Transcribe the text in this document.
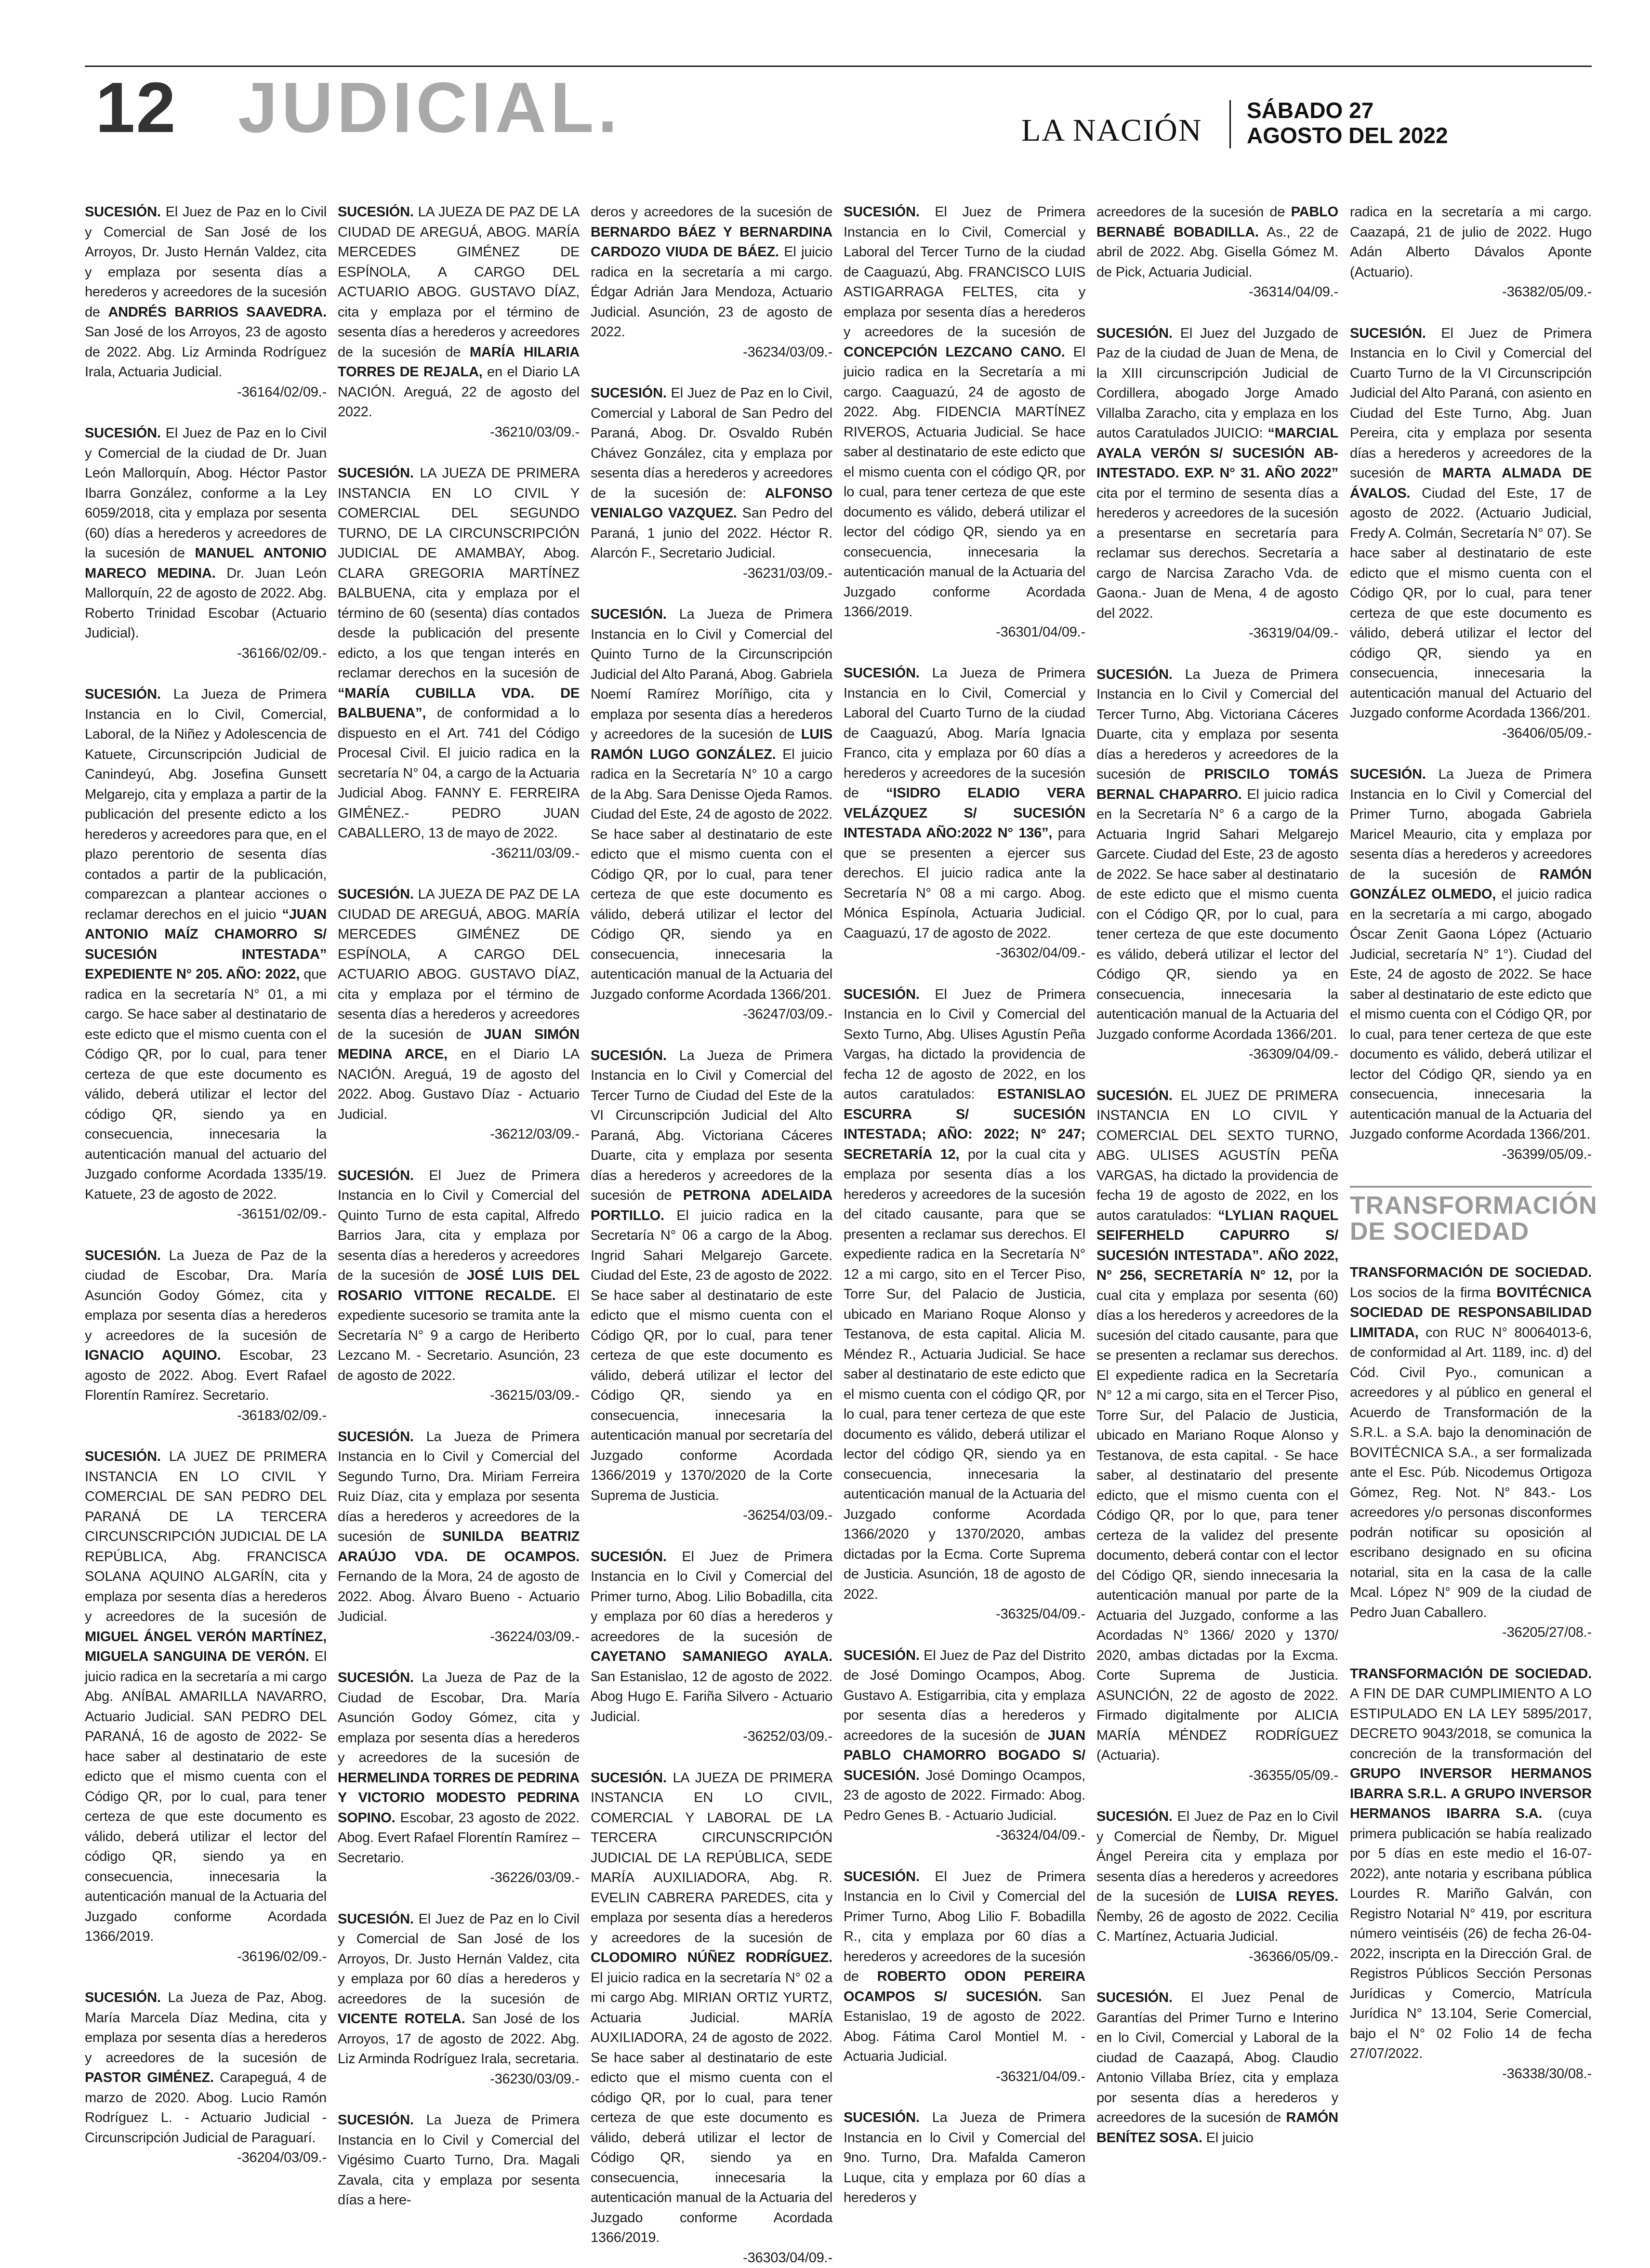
12 JUDICIAL.	LA NACIÓN
SÁBADO 27
AGOSTO DEL 2022

SUCESIÓN. El Juez de Paz en lo Civil y Comercial de San José de los Arroyos, Dr. Justo Hernán Valdez, cita y emplaza por sesenta días a herederos y acreedores de la sucesión de ANDRÉS BARRIOS SAAVEDRA. San José de los Arroyos, 23 de agosto de 2022. Abg. Liz Arminda Rodríguez Irala, Actuaria Judicial.
-36164/02/09.-

SUCESIÓN. El Juez de Paz en lo Civil y Comercial de la ciudad de Dr. Juan León Mallorquín, Abog. Héctor Pastor Ibarra González, conforme a la Ley 6059/2018, cita y emplaza por sesenta (60) días a herederos y acreedores de la sucesión de MANUEL ANTONIO MARECO MEDINA. Dr. Juan León Mallorquín, 22 de agosto de 2022. Abg. Roberto Trinidad Escobar (Actuario Judicial).
-36166/02/09.-

SUCESIÓN. La Jueza de Primera Instancia en lo Civil, Comercial, Laboral, de la Niñez y Adolescencia de Katuete, Circunscripción Judicial de Canindeyú, Abg. Josefina Gunsett Melgarejo, cita y emplaza a partir de la publicación del presente edicto a los herederos y acreedores para que, en el plazo perentorio de sesenta días contados a partir de la publicación, comparezcan a plantear acciones o reclamar derechos en el juicio “JUAN ANTONIO MAÍZ CHAMORRO S/ SUCESIÓN INTESTADA” EXPEDIENTE N° 205. AÑO: 2022, que radica en la secretaría N° 01, a mi cargo. Se hace saber al destinatario de este edicto que el mismo cuenta con el Código QR, por lo cual, para tener certeza de que este documento es válido, deberá utilizar el lector del código QR, siendo ya en consecuencia, innecesaria la autenticación manual del actuario del Juzgado conforme Acordada 1335/19. Katuete, 23 de agosto de 2022.
-36151/02/09.-

SUCESIÓN. La Jueza de Paz de la ciudad de Escobar, Dra. María Asunción Godoy Gómez, cita y emplaza por sesenta días a herederos y acreedores de la sucesión de IGNACIO AQUINO. Escobar, 23 agosto de 2022. Abog. Evert Rafael Florentín Ramírez. Secretario.
-36183/02/09.-

SUCESIÓN. LA JUEZ DE PRIMERA INSTANCIA EN LO CIVIL Y COMERCIAL DE SAN PEDRO DEL PARANÁ DE LA TERCERA CIRCUNSCRIPCIÓN JUDICIAL DE LA REPÚBLICA, Abg. FRANCISCA SOLANA AQUINO ALGARÍN, cita y emplaza por sesenta días a herederos y acreedores de la sucesión de MIGUEL ÁNGEL VERÓN MARTÍNEZ, MIGUELA SANGUINA DE VERÓN. El juicio radica en la secretaría a mi cargo Abg. ANÍBAL AMARILLA NAVARRO, Actuario Judicial. SAN PEDRO DEL PARANÁ, 16 de agosto de 2022- Se hace saber al destinatario de este edicto que el mismo cuenta con el Código QR, por lo cual, para tener certeza de que este documento es válido, deberá utilizar el lector del código QR, siendo ya en consecuencia, innecesaria la autenticación manual de la Actuaria del Juzgado conforme Acordada 1366/2019.
-36196/02/09.-

SUCESIÓN. La Jueza de Paz, Abog. María Marcela Díaz Medina, cita y emplaza por sesenta días a herederos y acreedores de la sucesión de PASTOR GIMÉNEZ. Carapeguá, 4 de marzo de 2020. Abog. Lucio Ramón Rodríguez L. - Actuario Judicial - Circunscripción Judicial de Paraguarí.
-36204/03/09.-

SUCESIÓN. LA JUEZA DE PAZ DE LA CIUDAD DE AREGUÁ, ABOG. MARÍA MERCEDES GIMÉNEZ DE ESPÍNOLA, A CARGO DEL ACTUARIO ABOG. GUSTAVO DÍAZ, cita y emplaza por el término de sesenta días a herederos y acreedores de la sucesión de MARÍA HILARIA TORRES DE REJALA, en el Diario LA NACIÓN. Areguá, 22 de agosto del 2022.
-36210/03/09.-

SUCESIÓN. LA JUEZA DE PRIMERA INSTANCIA EN LO CIVIL Y COMERCIAL DEL SEGUNDO TURNO, DE LA CIRCUNSCRIPCIÓN JUDICIAL DE AMAMBAY, Abog. CLARA GREGORIA MARTÍNEZ BALBUENA, cita y emplaza por el término de 60 (sesenta) días contados desde la publicación del presente edicto, a los que tengan interés en reclamar derechos en la sucesión de “MARÍA CUBILLA VDA. DE BALBUENA”, de conformidad a lo dispuesto en el Art. 741 del Código Procesal Civil. El juicio radica en la secretaría N° 04, a cargo de la Actuaria Judicial Abog. FANNY E. FERREIRA GIMÉNEZ.- PEDRO JUAN CABALLERO, 13 de mayo de 2022.
-36211/03/09.-

SUCESIÓN. LA JUEZA DE PAZ DE LA CIUDAD DE AREGUÁ, ABOG. MARÍA MERCEDES GIMÉNEZ DE ESPÍNOLA, A CARGO DEL ACTUARIO ABOG. GUSTAVO DÍAZ, cita y emplaza por el término de sesenta días a herederos y acreedores de la sucesión de JUAN SIMÓN MEDINA ARCE, en el Diario LA NACIÓN. Areguá, 19 de agosto del 2022. Abog. Gustavo Díaz - Actuario Judicial.
-36212/03/09.-

SUCESIÓN. El Juez de Primera Instancia en lo Civil y Comercial del Quinto Turno de esta capital, Alfredo Barrios Jara, cita y emplaza por sesenta días a herederos y acreedores de la sucesión de JOSÉ LUIS DEL ROSARIO VITTONE RECALDE. El expediente sucesorio se tramita ante la Secretaría N° 9 a cargo de Heriberto Lezcano M. - Secretario. Asunción, 23 de agosto de 2022.
-36215/03/09.-

SUCESIÓN. La Jueza de Primera Instancia en lo Civil y Comercial del Segundo Turno, Dra. Miriam Ferreira Ruiz Díaz, cita y emplaza por sesenta días a herederos y acreedores de la sucesión de SUNILDA BEATRIZ ARAÚJO VDA. DE OCAMPOS. Fernando de la Mora, 24 de agosto de 2022. Abog. Álvaro Bueno - Actuario Judicial.
-36224/03/09.-

SUCESIÓN. La Jueza de Paz de la Ciudad de Escobar, Dra. María Asunción Godoy Gómez, cita y emplaza por sesenta días a herederos y acreedores de la sucesión de HERMELINDA TORRES DE PEDRINA Y VICTORIO MODESTO PEDRINA SOPINO. Escobar, 23 agosto de 2022. Abog. Evert Rafael Florentín Ramírez – Secretario.
-36226/03/09.-

SUCESIÓN. El Juez de Paz en lo Civil y Comercial de San José de los Arroyos, Dr. Justo Hernán Valdez, cita y emplaza por 60 días a herederos y acreedores de la sucesión de VICENTE ROTELA. San José de los Arroyos, 17 de agosto de 2022. Abg. Liz Arminda Rodríguez Irala, secretaria.
-36230/03/09.-

SUCESIÓN. La Jueza de Primera Instancia en lo Civil y Comercial del Vigésimo Cuarto Turno, Dra. Magali Zavala, cita y emplaza por sesenta días a here-

deros y acreedores de la sucesión de BERNARDO BÁEZ Y BERNARDINA CARDOZO VIUDA DE BÁEZ. El juicio radica en la secretaría a mi cargo. Édgar Adrián Jara Mendoza, Actuario Judicial. Asunción, 23 de agosto de 2022.
-36234/03/09.-

SUCESIÓN. El Juez de Paz en lo Civil, Comercial y Laboral de San Pedro del Paraná, Abog. Dr. Osvaldo Rubén Chávez González, cita y emplaza por sesenta días a herederos y acreedores de la sucesión de: ALFONSO VENIALGO VAZQUEZ. San Pedro del Paraná, 1 junio del 2022. Héctor R. Alarcón F., Secretario Judicial.
-36231/03/09.-

SUCESIÓN. La Jueza de Primera Instancia en lo Civil y Comercial del Quinto Turno de la Circunscripción Judicial del Alto Paraná, Abog. Gabriela Noemí Ramírez Moríñigo, cita y emplaza por sesenta días a herederos y acreedores de la sucesión de LUIS RAMÓN LUGO GONZÁLEZ. El juicio radica en la Secretaría N° 10 a cargo de la Abg. Sara Denisse Ojeda Ramos. Ciudad del Este, 24 de agosto de 2022. Se hace saber al destinatario de este edicto que el mismo cuenta con el Código QR, por lo cual, para tener certeza de que este documento es válido, deberá utilizar el lector del Código QR, siendo ya en consecuencia, innecesaria la autenticación manual de la Actuaria del Juzgado conforme Acordada 1366/201.
-36247/03/09.-

SUCESIÓN. La Jueza de Primera Instancia en lo Civil y Comercial del Tercer Turno de Ciudad del Este de la VI Circunscripción Judicial del Alto Paraná, Abg. Victoriana Cáceres Duarte, cita y emplaza por sesenta días a herederos y acreedores de la sucesión de PETRONA ADELAIDA PORTILLO. El juicio radica en la Secretaría N° 06 a cargo de la Abog. Ingrid Sahari Melgarejo Garcete. Ciudad del Este, 23 de agosto de 2022. Se hace saber al destinatario de este edicto que el mismo cuenta con el Código QR, por lo cual, para tener certeza de que este documento es válido, deberá utilizar el lector del Código QR, siendo ya en consecuencia, innecesaria la autenticación manual por secretaría del Juzgado conforme Acordada 1366/2019 y 1370/2020 de la Corte Suprema de Justicia.
-36254/03/09.-

SUCESIÓN. El Juez de Primera Instancia en lo Civil y Comercial del Primer turno, Abog. Lilio Bobadilla, cita y emplaza por 60 días a herederos y acreedores de la sucesión de CAYETANO SAMANIEGO AYALA. San Estanislao, 12 de agosto de 2022. Abog Hugo E. Fariña Silvero - Actuario Judicial.
-36252/03/09.-

SUCESIÓN. LA JUEZA DE PRIMERA INSTANCIA EN LO CIVIL, COMERCIAL Y LABORAL DE LA TERCERA CIRCUNSCRIPCIÓN JUDICIAL DE LA REPÚBLICA, SEDE MARÍA AUXILIADORA, Abg. R. EVELIN CABRERA PAREDES, cita y emplaza por sesenta días a herederos y acreedores de la sucesión de CLODOMIRO NÚÑEZ RODRÍGUEZ. El juicio radica en la secretaría N° 02 a mi cargo Abg. MIRIAN ORTIZ YURTZ, Actuaria Judicial. MARÍA AUXILIADORA, 24 de agosto de 2022. Se hace saber al destinatario de este edicto que el mismo cuenta con el código QR, por lo cual, para tener certeza de que este documento es válido, deberá utilizar el lector de Código QR, siendo ya en consecuencia, innecesaria la autenticación manual de la Actuaria del Juzgado conforme Acordada 1366/2019.
-36303/04/09.-

SUCESIÓN. El Juez de Primera Instancia en lo Civil, Comercial y Laboral del Tercer Turno de la ciudad de Caaguazú, Abg. FRANCISCO LUIS ASTIGARRAGA FELTES, cita y emplaza por sesenta días a herederos y acreedores de la sucesión de CONCEPCIÓN LEZCANO CANO. El juicio radica en la Secretaría a mi cargo. Caaguazú, 24 de agosto de 2022. Abg. FIDENCIA MARTÍNEZ RIVEROS, Actuaria Judicial. Se hace saber al destinatario de este edicto que el mismo cuenta con el código QR, por lo cual, para tener certeza de que este documento es válido, deberá utilizar el lector del código QR, siendo ya en consecuencia, innecesaria la autenticación manual de la Actuaria del Juzgado conforme Acordada 1366/2019.
-36301/04/09.-

SUCESIÓN. La Jueza de Primera Instancia en lo Civil, Comercial y Laboral del Cuarto Turno de la ciudad de Caaguazú, Abog. María Ignacia Franco, cita y emplaza por 60 días a herederos y acreedores de la sucesión de “ISIDRO ELADIO VERA VELÁZQUEZ S/ SUCESIÓN INTESTADA AÑO:2022 N° 136”, para que se presenten a ejercer sus derechos. El juicio radica ante la Secretaría N° 08 a mi cargo. Abog. Mónica Espínola, Actuaria Judicial. Caaguazú, 17 de agosto de 2022.
-36302/04/09.-

SUCESIÓN. El Juez de Primera Instancia en lo Civil y Comercial del Sexto Turno, Abg. Ulises Agustín Peña Vargas, ha dictado la providencia de fecha 12 de agosto de 2022, en los autos caratulados: ESTANISLAO ESCURRA S/ SUCESIÓN INTESTADA; AÑO: 2022; N° 247; SECRETARÍA 12, por la cual cita y emplaza por sesenta días a los herederos y acreedores de la sucesión del citado causante, para que se presenten a reclamar sus derechos. El expediente radica en la Secretaría N° 12 a mi cargo, sito en el Tercer Piso, Torre Sur, del Palacio de Justicia, ubicado en Mariano Roque Alonso y Testanova, de esta capital. Alicia M. Méndez R., Actuaria Judicial. Se hace saber al destinatario de este edicto que el mismo cuenta con el código QR, por lo cual, para tener certeza de que este documento es válido, deberá utilizar el lector del código QR, siendo ya en consecuencia, innecesaria la autenticación manual de la Actuaria del Juzgado conforme Acordada 1366/2020 y 1370/2020, ambas dictadas por la Ecma. Corte Suprema de Justicia. Asunción, 18 de agosto de 2022.
-36325/04/09.-

SUCESIÓN. El Juez de Paz del Distrito de José Domingo Ocampos, Abog. Gustavo A. Estigarribia, cita y emplaza por sesenta días a herederos y acreedores de la sucesión de JUAN PABLO CHAMORRO BOGADO S/ SUCESIÓN. José Domingo Ocampos, 23 de agosto de 2022. Firmado: Abog. Pedro Genes B. - Actuario Judicial.
-36324/04/09.-

SUCESIÓN. El Juez de Primera Instancia en lo Civil y Comercial del Primer Turno, Abog Lilio F. Bobadilla R., cita y emplaza por 60 días a herederos y acreedores de la sucesión de ROBERTO ODON PEREIRA OCAMPOS S/ SUCESIÓN. San Estanislao, 19 de agosto de 2022. Abog. Fátima Carol Montiel M. - Actuaria Judicial.
-36321/04/09.-

SUCESIÓN. La Jueza de Primera Instancia en lo Civil y Comercial del 9no. Turno, Dra. Mafalda Cameron Luque, cita y emplaza por 60 días a herederos y

acreedores de la sucesión de PABLO BERNABÉ BOBADILLA. As., 22 de abril de 2022. Abg. Gisella Gómez M. de Pick, Actuaria Judicial.
-36314/04/09.-

SUCESIÓN. El Juez del Juzgado de Paz de la ciudad de Juan de Mena, de la XIII circunscripción Judicial de Cordillera, abogado Jorge Amado Villalba Zaracho, cita y emplaza en los autos Caratulados JUICIO: “MARCIAL AYALA VERÓN S/ SUCESIÓN AB-INTESTADO. EXP. N° 31. AÑO 2022” cita por el termino de sesenta días a herederos y acreedores de la sucesión a presentarse en secretaría para reclamar sus derechos. Secretaría a cargo de Narcisa Zaracho Vda. de Gaona.- Juan de Mena, 4 de agosto del 2022.
-36319/04/09.-

SUCESIÓN. La Jueza de Primera Instancia en lo Civil y Comercial del Tercer Turno, Abg. Victoriana Cáceres Duarte, cita y emplaza por sesenta días a herederos y acreedores de la sucesión de PRISCILO TOMÁS BERNAL CHAPARRO. El juicio radica en la Secretaría N° 6 a cargo de la Actuaria Ingrid Sahari Melgarejo Garcete. Ciudad del Este, 23 de agosto de 2022. Se hace saber al destinatario de este edicto que el mismo cuenta con el Código QR, por lo cual, para tener certeza de que este documento es válido, deberá utilizar el lector del Código QR, siendo ya en consecuencia, innecesaria la autenticación manual de la Actuaria del Juzgado conforme Acordada 1366/201.
-36309/04/09.-

SUCESIÓN. EL JUEZ DE PRIMERA INSTANCIA EN LO CIVIL Y COMERCIAL DEL SEXTO TURNO, ABG. ULISES AGUSTÍN PEÑA VARGAS, ha dictado la providencia de fecha 19 de agosto de 2022, en los autos caratulados: “LYLIAN RAQUEL SEIFERHELD CAPURRO S/ SUCESIÓN INTESTADA”. AÑO 2022, N° 256, SECRETARÍA N° 12, por la cual cita y emplaza por sesenta (60) días a los herederos y acreedores de la sucesión del citado causante, para que se presenten a reclamar sus derechos. El expediente radica en la Secretaría N° 12 a mi cargo, sita en el Tercer Piso, Torre Sur, del Palacio de Justicia, ubicado en Mariano Roque Alonso y Testanova, de esta capital. - Se hace saber, al destinatario del presente edicto, que el mismo cuenta con el Código QR, por lo que, para tener certeza de la validez del presente documento, deberá contar con el lector del Código QR, siendo innecesaria la autenticación manual por parte de la Actuaria del Juzgado, conforme a las Acordadas N° 1366/ 2020 y 1370/ 2020, ambas dictadas por la Excma. Corte Suprema de Justicia. ASUNCIÓN, 22 de agosto de 2022. Firmado digitalmente por ALICIA MARÍA MÉNDEZ RODRÍGUEZ (Actuaria).
-36355/05/09.-

SUCESIÓN. El Juez de Paz en lo Civil y Comercial de Ñemby, Dr. Miguel Ángel Pereira cita y emplaza por sesenta días a herederos y acreedores de la sucesión de LUISA REYES. Ñemby, 26 de agosto de 2022. Cecilia C. Martínez, Actuaria Judicial.
-36366/05/09.-

SUCESIÓN. El Juez Penal de Garantías del Primer Turno e Interino en lo Civil, Comercial y Laboral de la ciudad de Caazapá, Abog. Claudio Antonio Villaba Bríez, cita y emplaza por sesenta días a herederos y acreedores de la sucesión de RAMÓN BENÍTEZ SOSA. El juicio

radica en la secretaría a mi cargo. Caazapá, 21 de julio de 2022. Hugo Adán Alberto Dávalos Aponte (Actuario).
-36382/05/09.-

SUCESIÓN. El Juez de Primera Instancia en lo Civil y Comercial del Cuarto Turno de la VI Circunscripción Judicial del Alto Paraná, con asiento en Ciudad del Este Turno, Abg. Juan Pereira, cita y emplaza por sesenta días a herederos y acreedores de la sucesión de MARTA ALMADA DE ÁVALOS. Ciudad del Este, 17 de agosto de 2022. (Actuario Judicial, Fredy A. Colmán, Secretaría N° 07). Se hace saber al destinatario de este edicto que el mismo cuenta con el Código QR, por lo cual, para tener certeza de que este documento es válido, deberá utilizar el lector del código QR, siendo ya en consecuencia, innecesaria la autenticación manual del Actuario del Juzgado conforme Acordada 1366/201.
-36406/05/09.-

SUCESIÓN. La Jueza de Primera Instancia en lo Civil y Comercial del Primer Turno, abogada Gabriela Maricel Meaurio, cita y emplaza por sesenta días a herederos y acreedores de la sucesión de RAMÓN GONZÁLEZ OLMEDO, el juicio radica en la secretaría a mi cargo, abogado Óscar Zenit Gaona López (Actuario Judicial, secretaría N° 1°). Ciudad del Este, 24 de agosto de 2022. Se hace saber al destinatario de este edicto que el mismo cuenta con el Código QR, por lo cual, para tener certeza de que este documento es válido, deberá utilizar el lector del Código QR, siendo ya en consecuencia, innecesaria la autenticación manual de la Actuaria del Juzgado conforme Acordada 1366/201.
-36399/05/09.-

TRANSFORMACIÓN DE SOCIEDAD

TRANSFORMACIÓN DE SOCIEDAD. Los socios de la firma BOVITÉCNICA SOCIEDAD DE RESPONSABILIDAD LIMITADA, con RUC N° 80064013-6, de conformidad al Art. 1189, inc. d) del Cód. Civil Pyo., comunican a acreedores y al público en general el Acuerdo de Transformación de la S.R.L. a S.A. bajo la denominación de BOVITÉCNICA S.A., a ser formalizada ante el Esc. Púb. Nicodemus Ortigoza Gómez, Reg. Not. N° 843.- Los acreedores y/o personas disconformes podrán notificar su oposición al escribano designado en su oficina notarial, sita en la casa de la calle Mcal. López N° 909 de la ciudad de Pedro Juan Caballero.
-36205/27/08.-

TRANSFORMACIÓN DE SOCIEDAD. A FIN DE DAR CUMPLIMIENTO A LO ESTIPULADO EN LA LEY 5895/2017, DECRETO 9043/2018, se comunica la concreción de la transformación del GRUPO INVERSOR HERMANOS IBARRA S.R.L. A GRUPO INVERSOR HERMANOS IBARRA S.A. (cuya primera publicación se había realizado por 5 días en este medio el 16-07-2022), ante notaria y escribana pública Lourdes R. Mariño Galván, con Registro Notarial N° 419, por escritura número veintiséis (26) de fecha 26-04-2022, inscripta en la Dirección Gral. de Registros Públicos Sección Personas Jurídicas y Comercio, Matrícula Jurídica N° 13.104, Serie Comercial, bajo el N° 02 Folio 14 de fecha 27/07/2022.
-36338/30/08.-
